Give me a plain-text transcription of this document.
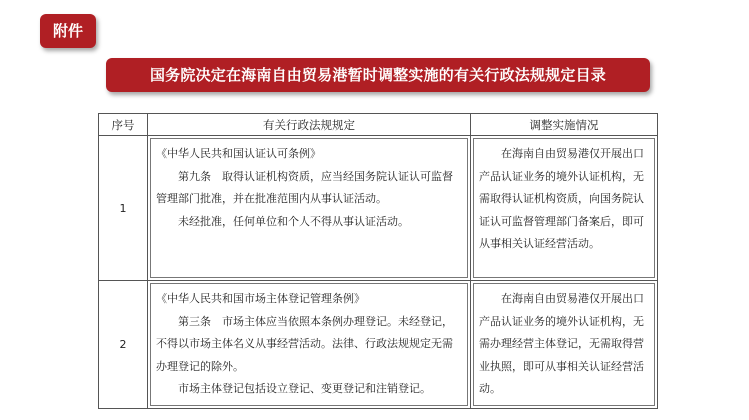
附件
国务院决定在海南自由贸易港暂时调整实施的有关行政法规规定目录
序号	有关行政法规规定	调整实施情况
1	《中华人民共和国认证认可条例》

第九条　取得认证机构资质，应当经国务院认证认可监督管理部门批准，并在批准范围内从事认证活动。

未经批准，任何单位和个人不得从事认证活动。	在海南自由贸易港仅开展出口产品认证业务的境外认证机构，无需取得认证机构资质，向国务院认证认可监督管理部门备案后，即可从事相关认证经营活动。

2	《中华人民共和国市场主体登记管理条例》

第三条　市场主体应当依照本条例办理登记。未经登记，不得以市场主体名义从事经营活动。法律、行政法规规定无需办理登记的除外。

市场主体登记包括设立登记、变更登记和注销登记。	在海南自由贸易港仅开展出口产品认证业务的境外认证机构，无需办理经营主体登记，无需取得营业执照，即可从事相关认证经营活动。
